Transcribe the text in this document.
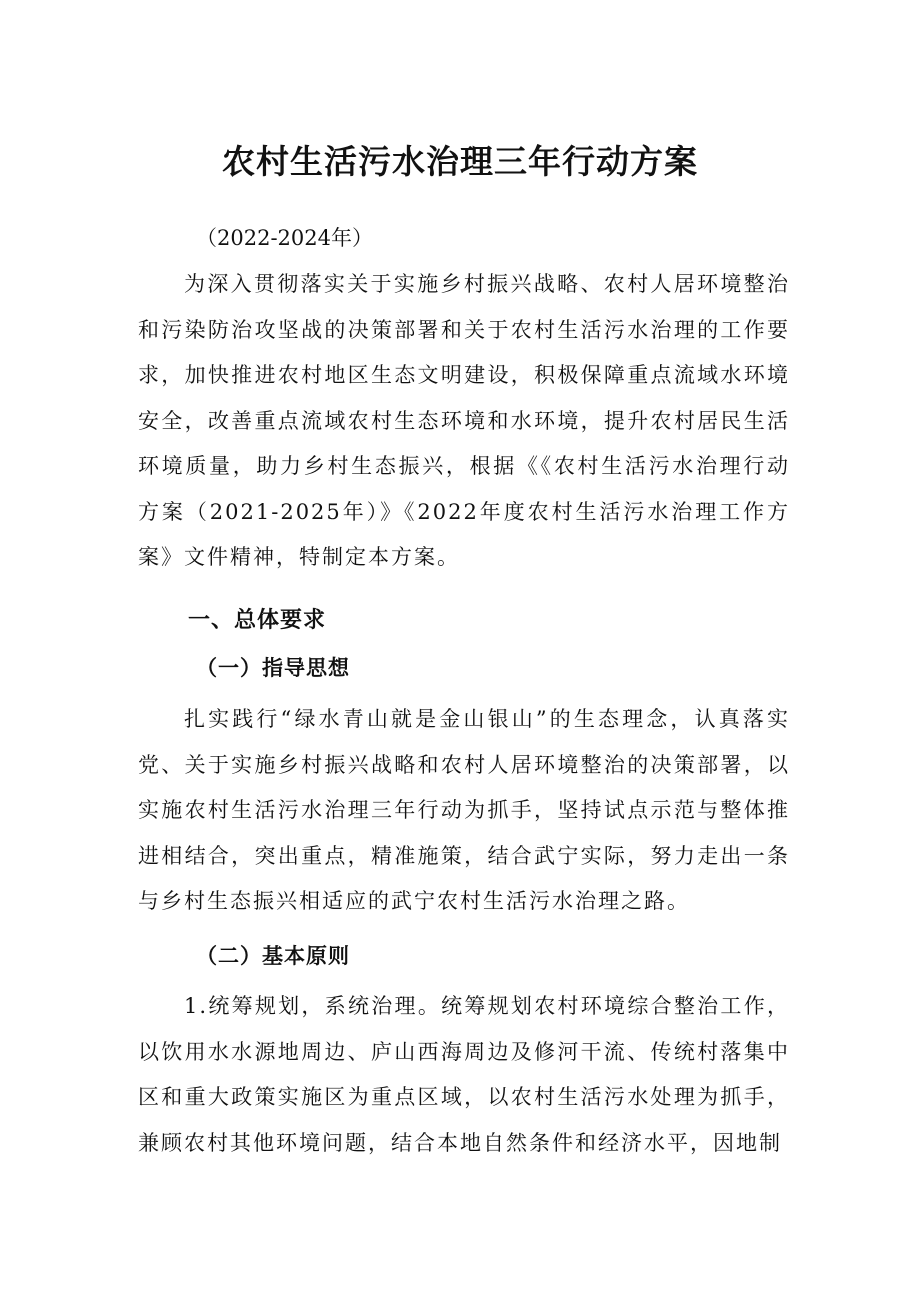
农村生活污水治理三年行动方案

（2022-2024年）

为深入贯彻落实关于实施乡村振兴战略、农村人居环境整治和污染防治攻坚战的决策部署和关于农村生活污水治理的工作要求，加快推进农村地区生态文明建设，积极保障重点流域水环境安全，改善重点流域农村生态环境和水环境，提升农村居民生活环境质量，助力乡村生态振兴，根据《《农村生活污水治理行动方案（2021-2025年）》《2022年度农村生活污水治理工作方案》文件精神，特制定本方案。

一、总体要求
（一）指导思想

扎实践行“绿水青山就是金山银山”的生态理念，认真落实党、关于实施乡村振兴战略和农村人居环境整治的决策部署，以实施农村生活污水治理三年行动为抓手，坚持试点示范与整体推进相结合，突出重点，精准施策，结合武宁实际，努力走出一条与乡村生态振兴相适应的武宁农村生活污水治理之路。

（二）基本原则

1.统筹规划，系统治理。统筹规划农村环境综合整治工作，以饮用水水源地周边、庐山西海周边及修河干流、传统村落集中区和重大政策实施区为重点区域，以农村生活污水处理为抓手，兼顾农村其他环境问题，结合本地自然条件和经济水平，因地制
